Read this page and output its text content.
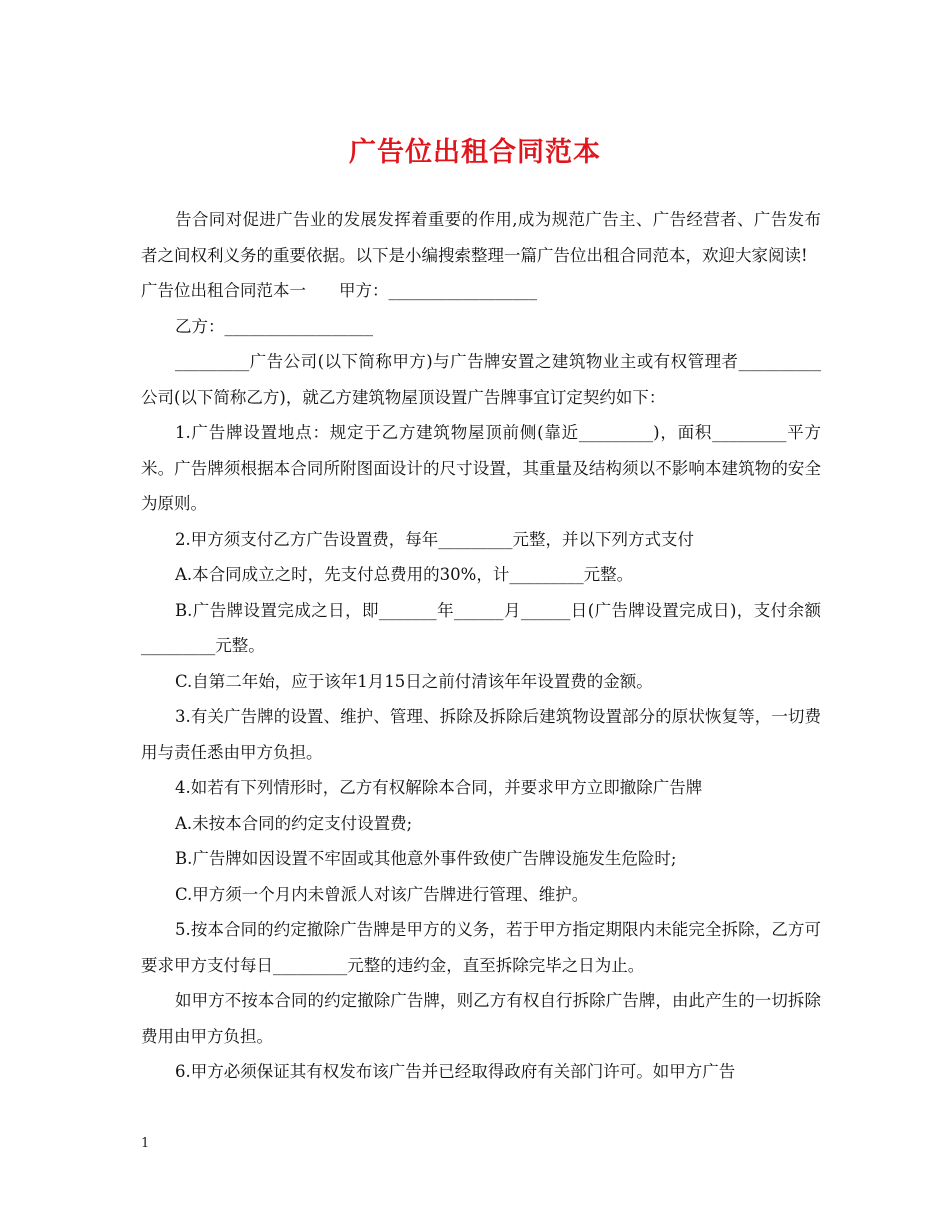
广告位出租合同范本

告合同对促进广告业的发展发挥着重要的作用,成为规范广告主、广告经营者、广告发布者之间权利义务的重要依据。以下是小编搜索整理一篇广告位出租合同范本，欢迎大家阅读!

广告位出租合同范本一　　甲方：__________________

乙方：__________________

_________广告公司(以下简称甲方)与广告牌安置之建筑物业主或有权管理者__________公司(以下简称乙方)，就乙方建筑物屋顶设置广告牌事宜订定契约如下：

1.广告牌设置地点：规定于乙方建筑物屋顶前侧(靠近_________)，面积_________平方米。广告牌须根据本合同所附图面设计的尺寸设置，其重量及结构须以不影响本建筑物的安全为原则。

2.甲方须支付乙方广告设置费，每年_________元整，并以下列方式支付

A.本合同成立之时，先支付总费用的30%，计_________元整。

B.广告牌设置完成之日，即_______年______月______日(广告牌设置完成日)，支付余额_________元整。

C.自第二年始，应于该年1月15日之前付清该年年设置费的金额。

3.有关广告牌的设置、维护、管理、拆除及拆除后建筑物设置部分的原状恢复等，一切费用与责任悉由甲方负担。

4.如若有下列情形时，乙方有权解除本合同，并要求甲方立即撤除广告牌

A.未按本合同的约定支付设置费;

B.广告牌如因设置不牢固或其他意外事件致使广告牌设施发生危险时;

C.甲方须一个月内未曾派人对该广告牌进行管理、维护。

5.按本合同的约定撤除广告牌是甲方的义务，若于甲方指定期限内未能完全拆除，乙方可要求甲方支付每日_________元整的违约金，直至拆除完毕之日为止。

如甲方不按本合同的约定撤除广告牌，则乙方有权自行拆除广告牌，由此产生的一切拆除费用由甲方负担。

6.甲方必须保证其有权发布该广告并已经取得政府有关部门许可。如甲方广告

1
